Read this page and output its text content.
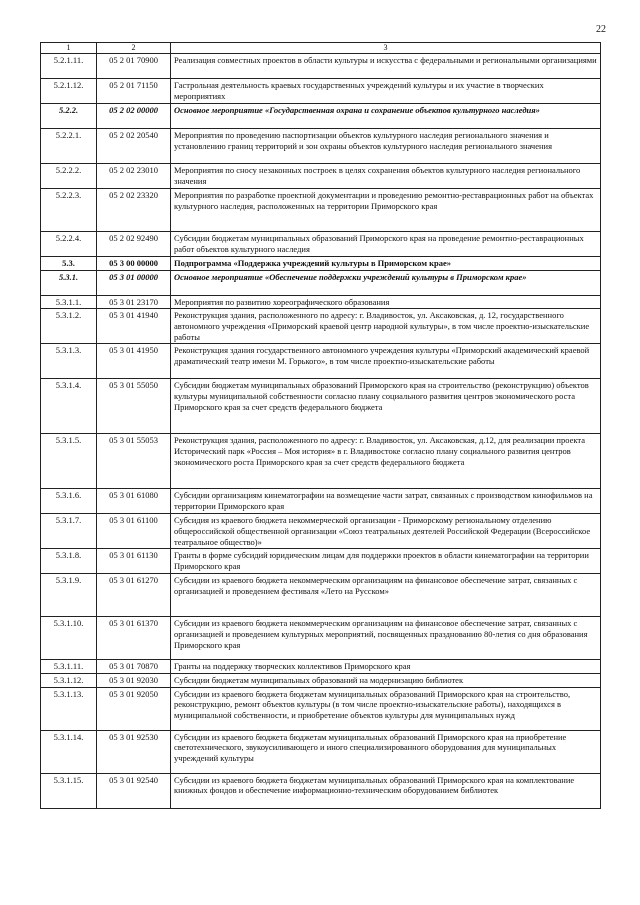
22
1	2	3
5.2.1.11.	05 2 01 70900	Реализация совместных проектов в области культуры и искусства с федеральными и региональными организациями
5.2.1.12.	05 2 01 71150	Гастрольная деятельность краевых государственных учреждений культуры и их участие в творческих мероприятиях
5.2.2.	05 2 02 00000	Основное мероприятие «Государственная охрана и сохранение объектов культурного наследия»
5.2.2.1.	05 2 02 20540	Мероприятия по проведению паспортизации объектов культурного наследия регионального значения и установлению границ территорий и зон охраны объектов культурного наследия регионального значения
5.2.2.2.	05 2 02 23010	Мероприятия по сносу незаконных построек в целях сохранения объектов культурного наследия регионального значения
5.2.2.3.	05 2 02 23320	Мероприятия по разработке проектной документации и проведению ремонтно-реставрационных работ на объектах культурного наследия, расположенных на территории Приморского края
5.2.2.4.	05 2 02 92490	Субсидии бюджетам муниципальных образований Приморского края на проведение ремонтно-реставрационных работ объектов культурного наследия
5.3.	05 3 00 00000	Подпрограмма «Поддержка учреждений культуры в Приморском крае»
5.3.1.	05 3 01 00000	Основное мероприятие «Обеспечение поддержки учреждений культуры в Приморском крае»
5.3.1.1.	05 3 01 23170	Мероприятия по развитию хореографического образования
5.3.1.2.	05 3 01 41940	Реконструкция здания, расположенного по адресу: г. Владивосток, ул. Аксаковская, д. 12, государственного автономного учреждения «Приморский краевой центр народной культуры», в том числе проектно-изыскательские работы
5.3.1.3.	05 3 01 41950	Реконструкция здания государственного автономного учреждения культуры «Приморский академический краевой драматический театр имени М. Горького», в том числе проектно-изыскательские работы
5.3.1.4.	05 3 01 55050	Субсидии бюджетам муниципальных образований Приморского края на строительство (реконструкцию) объектов культуры муниципальной собственности согласно плану социального развития центров экономического роста Приморского края за счет средств федерального бюджета
5.3.1.5.	05 3 01 55053	Реконструкция здания, расположенного по адресу: г. Владивосток, ул. Аксаковская, д.12, для реализации проекта Исторический парк «Россия – Моя история» в г. Владивостоке согласно плану социального развития центров экономического роста Приморского края за счет средств федерального бюджета
5.3.1.6.	05 3 01 61080	Субсидии организациям кинематографии на возмещение части затрат, связанных с производством кинофильмов на территории Приморского края
5.3.1.7.	05 3 01 61100	Субсидия из краевого бюджета некоммерческой организации - Приморскому региональному отделению общероссийской общественной организации «Союз театральных деятелей Российской Федерации (Всероссийское театральное общество)»
5.3.1.8.	05 3 01 61130	Гранты в форме субсидий юридическим лицам для поддержки проектов в области кинематографии на территории Приморского края
5.3.1.9.	05 3 01 61270	Субсидии из краевого бюджета некоммерческим организациям на финансовое обеспечение затрат, связанных с организацией и проведением фестиваля «Лето на Русском»
5.3.1.10.	05 3 01 61370	Субсидии из краевого бюджета некоммерческим организациям на финансовое обеспечение затрат, связанных с организацией и проведением культурных мероприятий, посвященных празднованию 80-летия со дня образования Приморского края
5.3.1.11.	05 3 01 70870	Гранты на поддержку творческих коллективов Приморского края
5.3.1.12.	05 3 01 92030	Субсидии бюджетам муниципальных образований на модернизацию библиотек
5.3.1.13.	05 3 01 92050	Субсидии из краевого бюджета бюджетам муниципальных образований Приморского края на строительство, реконструкцию, ремонт объектов культуры (в том числе проектно-изыскательские работы), находящихся в муниципальной собственности, и приобретение объектов культуры для муниципальных нужд
5.3.1.14.	05 3 01 92530	Субсидии из краевого бюджета бюджетам муниципальных образований Приморского края на приобретение светотехнического, звукоусиливающего и иного специализированного оборудования для муниципальных учреждений культуры
5.3.1.15.	05 3 01 92540	Субсидии из краевого бюджета бюджетам муниципальных образований Приморского края на комплектование книжных фондов и обеспечение информационно-техническим оборудованием библиотек
